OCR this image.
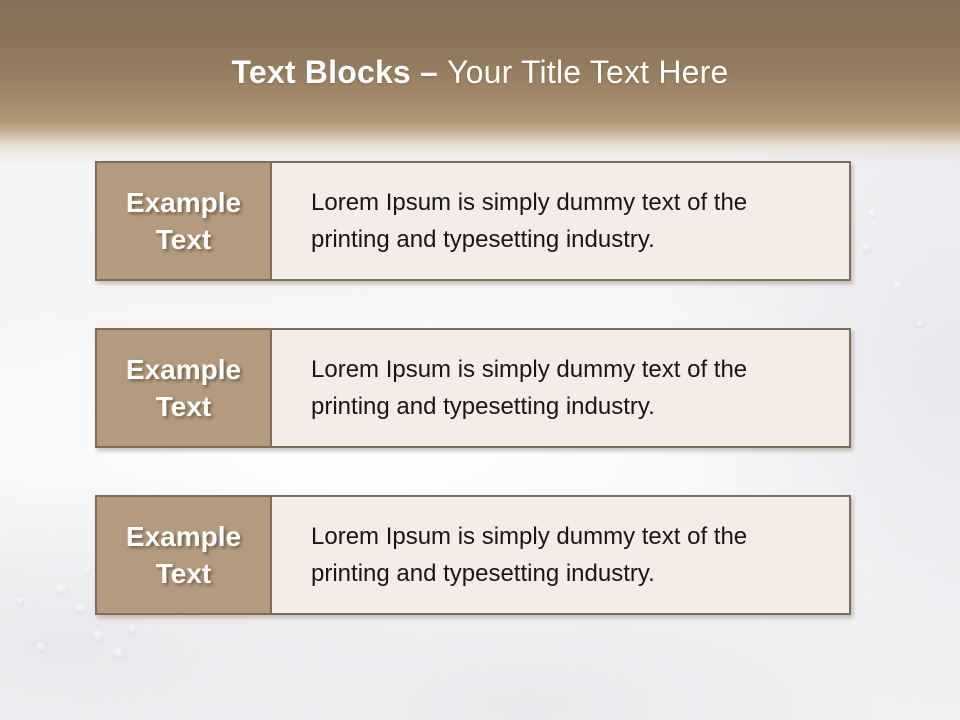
Text Blocks – Your Title Text Here
Example Text

Lorem Ipsum is simply dummy text of the printing and typesetting industry.

Example Text

Lorem Ipsum is simply dummy text of the printing and typesetting industry.

Example Text

Lorem Ipsum is simply dummy text of the printing and typesetting industry.
